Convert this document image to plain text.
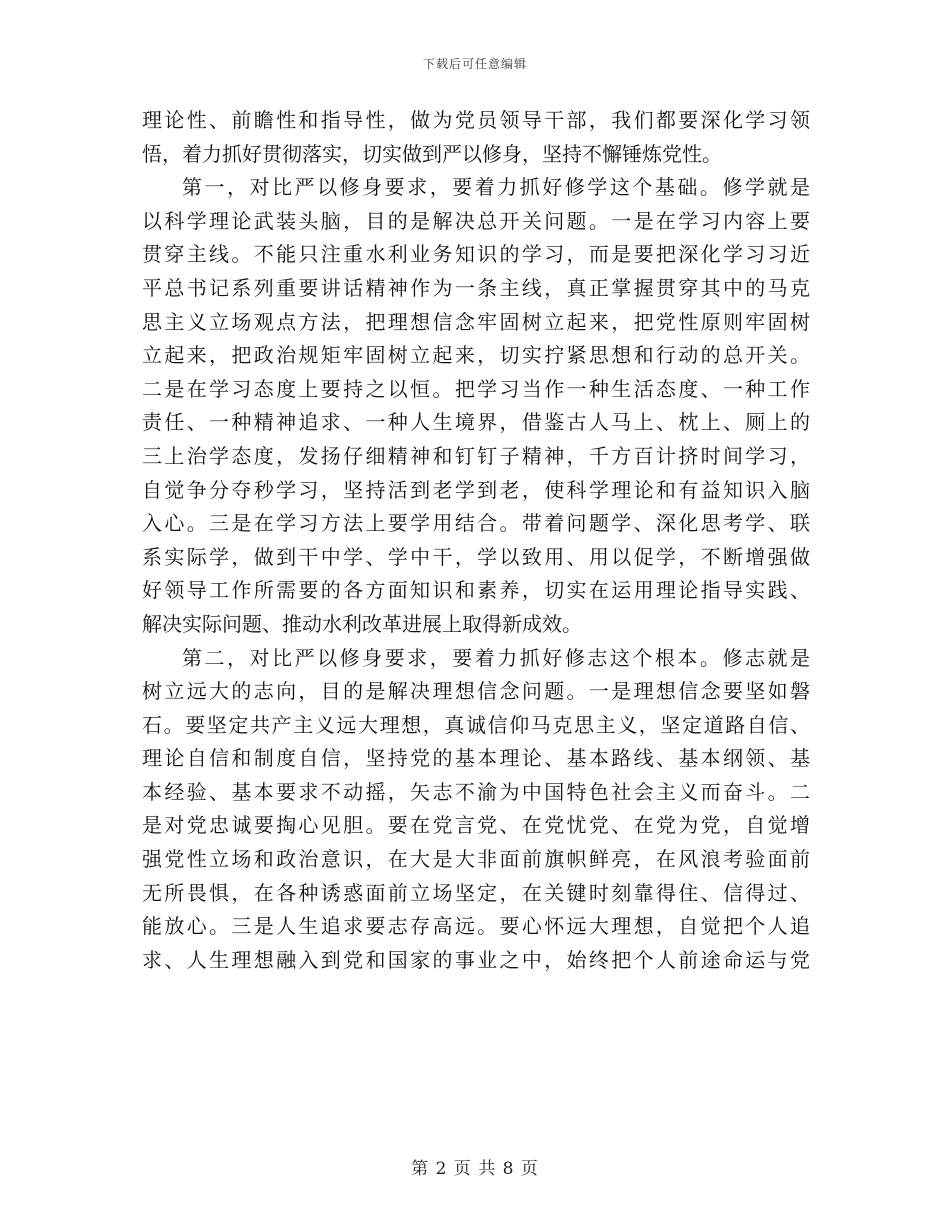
下载后可任意编辑
理论性、前瞻性和指导性，做为党员领导干部，我们都要深化学习领
悟，着力抓好贯彻落实，切实做到严以修身，坚持不懈锤炼党性。
第一，对比严以修身要求，要着力抓好修学这个基础。修学就是
以科学理论武装头脑，目的是解决总开关问题。一是在学习内容上要
贯穿主线。不能只注重水利业务知识的学习，而是要把深化学习习近
平总书记系列重要讲话精神作为一条主线，真正掌握贯穿其中的马克
思主义立场观点方法，把理想信念牢固树立起来，把党性原则牢固树
立起来，把政治规矩牢固树立起来，切实拧紧思想和行动的总开关。
二是在学习态度上要持之以恒。把学习当作一种生活态度、一种工作
责任、一种精神追求、一种人生境界，借鉴古人马上、枕上、厕上的
三上治学态度，发扬仔细精神和钉钉子精神，千方百计挤时间学习，
自觉争分夺秒学习，坚持活到老学到老，使科学理论和有益知识入脑
入心。三是在学习方法上要学用结合。带着问题学、深化思考学、联
系实际学，做到干中学、学中干，学以致用、用以促学，不断增强做
好领导工作所需要的各方面知识和素养，切实在运用理论指导实践、
解决实际问题、推动水利改革进展上取得新成效。
第二，对比严以修身要求，要着力抓好修志这个根本。修志就是
树立远大的志向，目的是解决理想信念问题。一是理想信念要坚如磐
石。要坚定共产主义远大理想，真诚信仰马克思主义，坚定道路自信、
理论自信和制度自信，坚持党的基本理论、基本路线、基本纲领、基
本经验、基本要求不动摇，矢志不渝为中国特色社会主义而奋斗。二
是对党忠诚要掏心见胆。要在党言党、在党忧党、在党为党，自觉增
强党性立场和政治意识，在大是大非面前旗帜鲜亮，在风浪考验面前
无所畏惧，在各种诱惑面前立场坚定，在关键时刻靠得住、信得过、
能放心。三是人生追求要志存高远。要心怀远大理想，自觉把个人追
求、人生理想融入到党和国家的事业之中，始终把个人前途命运与党
第 2 页 共 8 页
